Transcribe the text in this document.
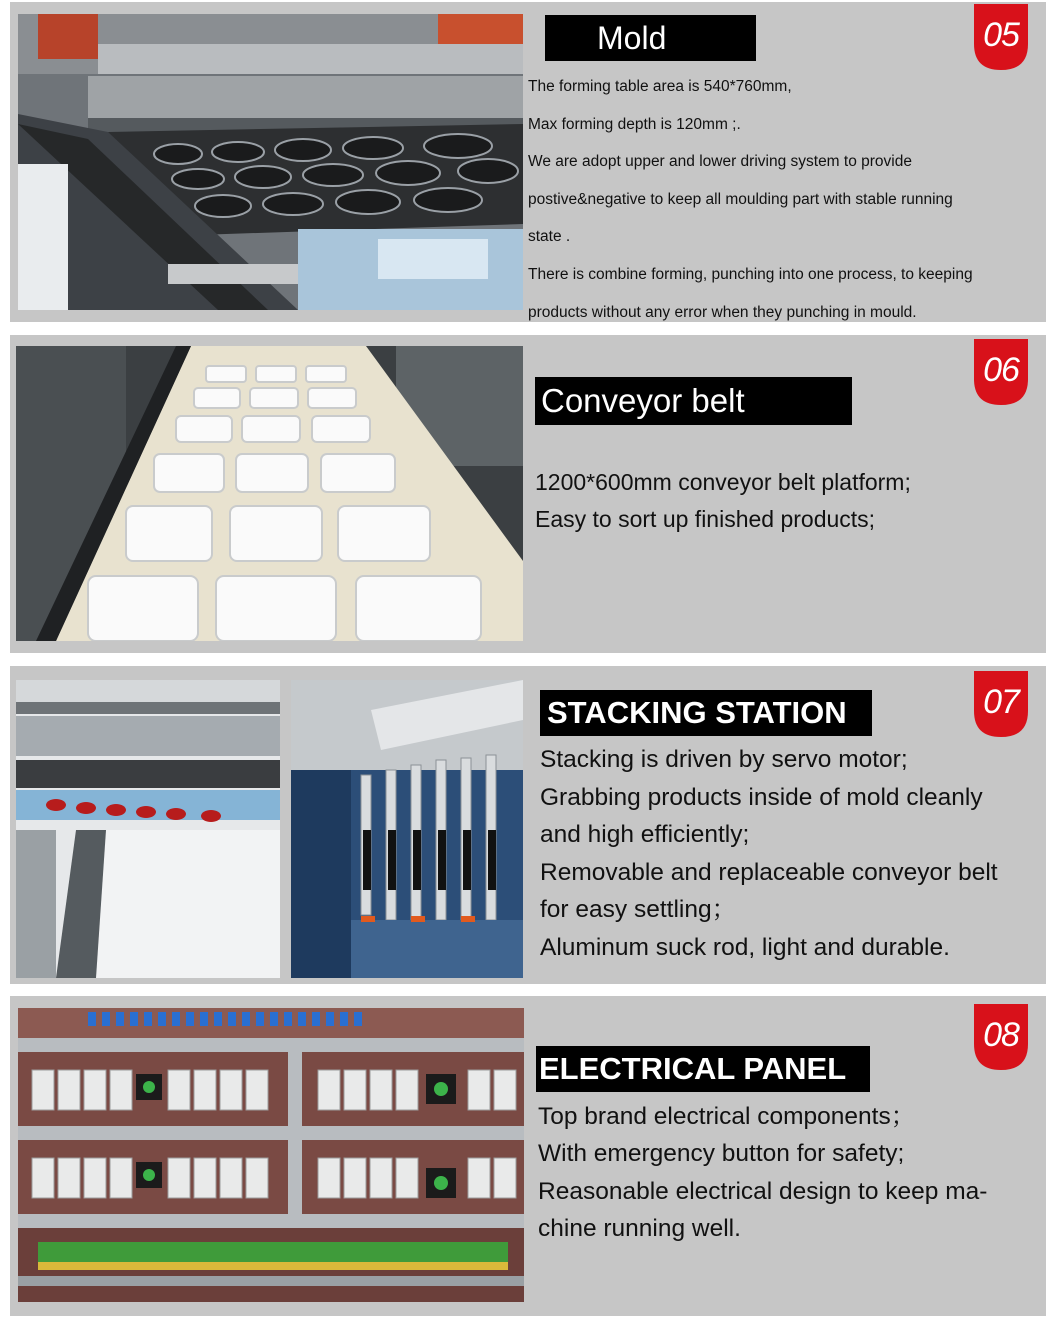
05
Mold
The forming table area is 540*760mm,
Max forming depth is 120mm ;.
We are adopt upper and lower driving system to provide
postive&negative to keep all moulding part with stable running
state .
There is combine forming, punching into one process, to keeping
products without any error when they punching in mould.
06
Conveyor belt
1200*600mm conveyor belt platform;
Easy to sort up finished products;
07
STACKING STATION
Stacking is driven by servo motor;
Grabbing products inside of mold cleanly
and high efficiently;
Removable and replaceable conveyor belt
for easy settling；
Aluminum suck rod, light and durable.
08
ELECTRICAL PANEL
Top brand electrical components；
With emergency button for safety;
Reasonable electrical design to keep ma-
chine running well.
